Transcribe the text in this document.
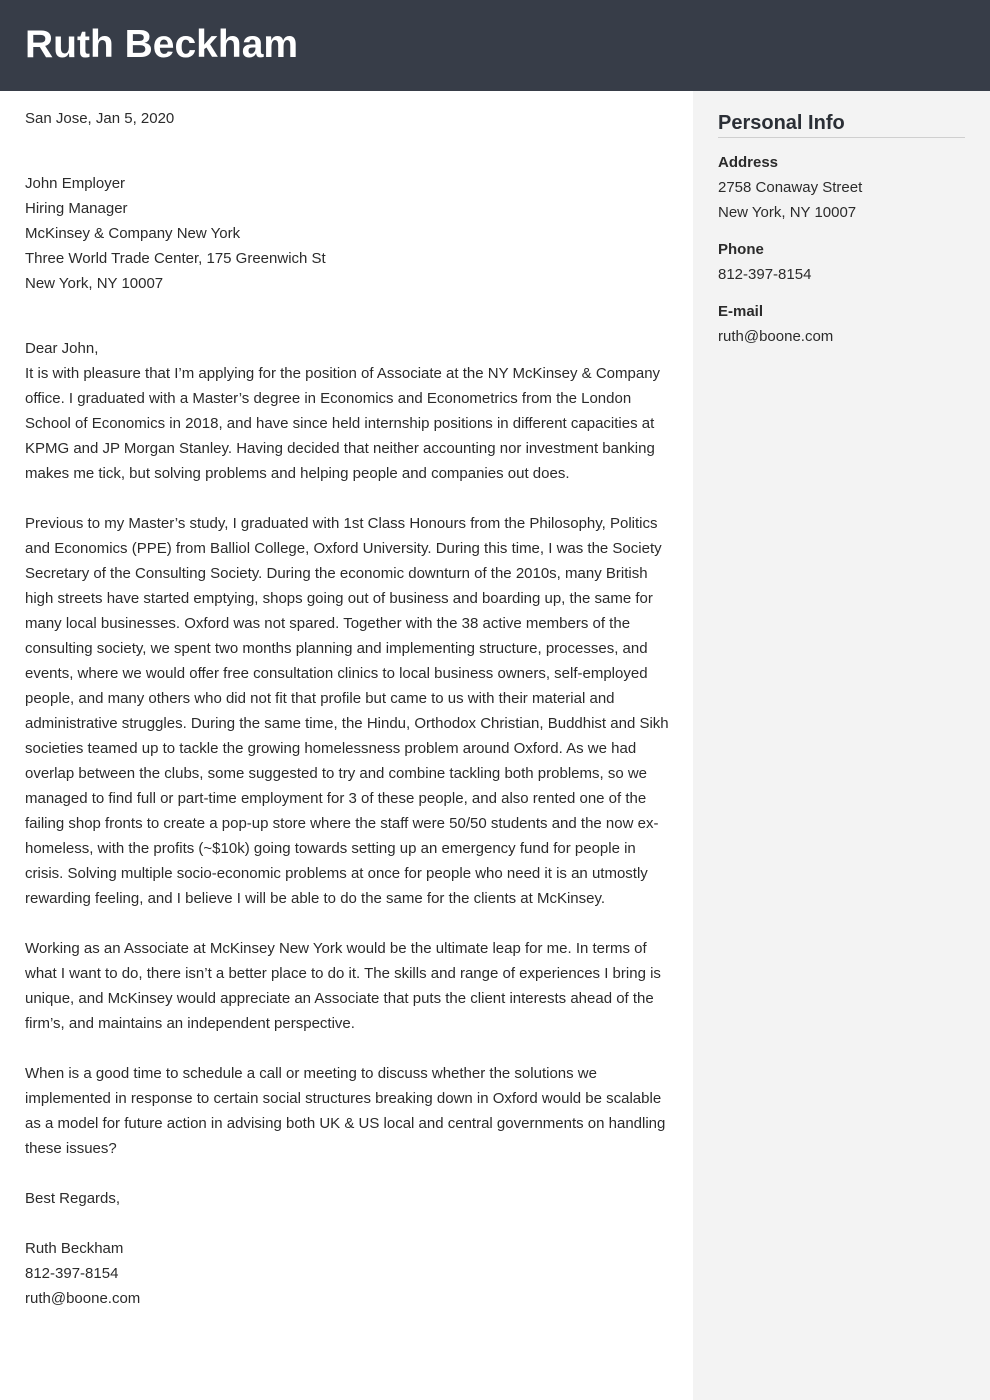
Ruth Beckham

San Jose, Jan 5, 2020

John Employer

Hiring Manager

McKinsey & Company New York

Three World Trade Center, 175 Greenwich St

New York, NY 10007

Dear John,

It is with pleasure that I’m applying for the position of Associate at the NY McKinsey & Company office. I graduated with a Master’s degree in Economics and Econometrics from the London School of Economics in 2018, and have since held internship positions in different capacities at KPMG and JP Morgan Stanley. Having decided that neither accounting nor investment banking makes me tick, but solving problems and helping people and companies out does.

Previous to my Master’s study, I graduated with 1st Class Honours from the Philosophy, Politics and Economics (PPE) from Balliol College, Oxford University. During this time, I was the Society Secretary of the Consulting Society. During the economic downturn of the 2010s, many British high streets have started emptying, shops going out of business and boarding up, the same for many local businesses. Oxford was not spared. Together with the 38 active members of the consulting society, we spent two months planning and implementing structure, processes, and events, where we would offer free consultation clinics to local business owners, self-employed people, and many others who did not fit that profile but came to us with their material and administrative struggles. During the same time, the Hindu, Orthodox Christian, Buddhist and Sikh societies teamed up to tackle the growing homelessness problem around Oxford. As we had overlap between the clubs, some suggested to try and combine tackling both problems, so we managed to find full or part-time employment for 3 of these people, and also rented one of the failing shop fronts to create a pop-up store where the staff were 50/50 students and the now ex-homeless, with the profits (~$10k) going towards setting up an emergency fund for people in crisis. Solving multiple socio-economic problems at once for people who need it is an utmostly rewarding feeling, and I believe I will be able to do the same for the clients at McKinsey.

Working as an Associate at McKinsey New York would be the ultimate leap for me. In terms of what I want to do, there isn’t a better place to do it. The skills and range of experiences I bring is unique, and McKinsey would appreciate an Associate that puts the client interests ahead of the firm’s, and maintains an independent perspective.

When is a good time to schedule a call or meeting to discuss whether the solutions we implemented in response to certain social structures breaking down in Oxford would be scalable as a model for future action in advising both UK & US local and central governments on handling these issues?

Best Regards,

Ruth Beckham

812-397-8154

ruth@boone.com

Personal Info
Address
2758 Conaway Street
New York, NY 10007
Phone
812-397-8154
E-mail
ruth@boone.com
